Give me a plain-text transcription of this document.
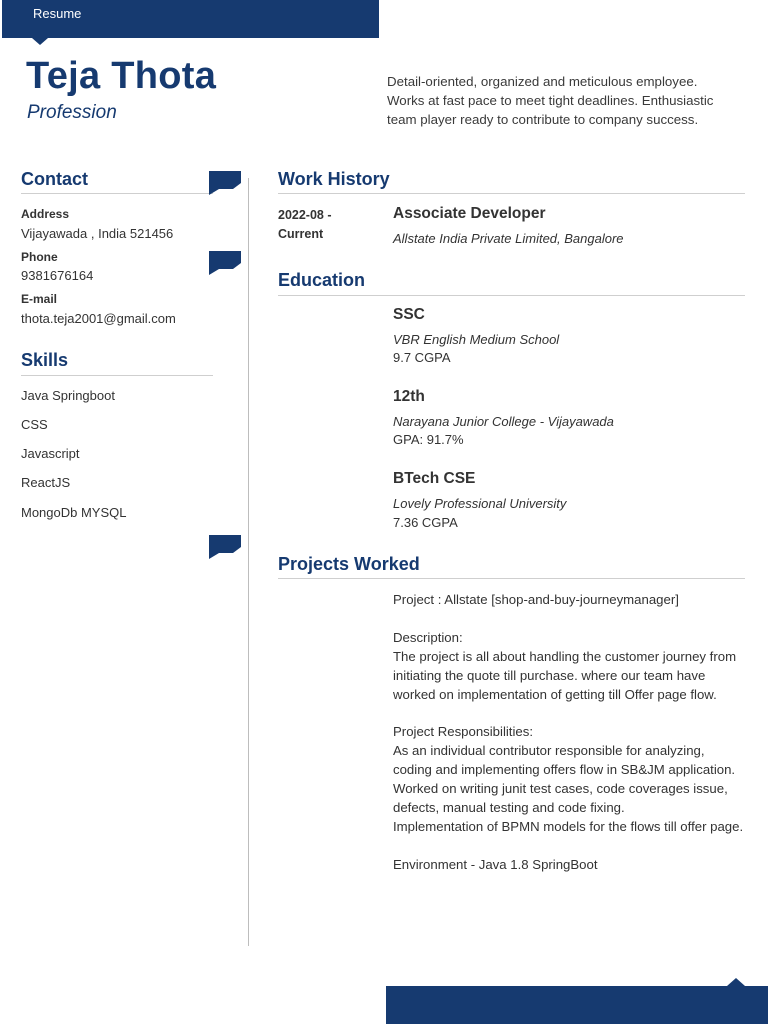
Resume
Teja Thota
Profession
Detail-oriented, organized and meticulous employee. Works at fast pace to meet tight deadlines. Enthusiastic team player ready to contribute to company success.
Contact
Address
Vijayawada , India 521456
Phone
9381676164
E-mail
thota.teja2001@gmail.com
Skills
Java Springboot
CSS
Javascript
ReactJS
MongoDb MYSQL
Work History
2022-08 -
Current
Associate Developer
Allstate India Private Limited, Bangalore
Education
SSC
VBR English Medium School
9.7 CGPA
12th
Narayana Junior College - Vijayawada
GPA: 91.7%
BTech CSE
Lovely Professional University
7.36 CGPA
Projects Worked
Project : Allstate [shop-and-buy-journeymanager]

Description:
The project is all about handling the customer journey from initiating the quote till purchase. where our team have worked on implementation of getting till Offer page flow.

Project Responsibilities:
As an individual contributor responsible for analyzing, coding and implementing offers flow in SB&JM application.
Worked on writing junit test cases, code coverages issue, defects, manual testing and code fixing.
Implementation of BPMN models for the flows till offer page.

Environment - Java 1.8 SpringBoot
